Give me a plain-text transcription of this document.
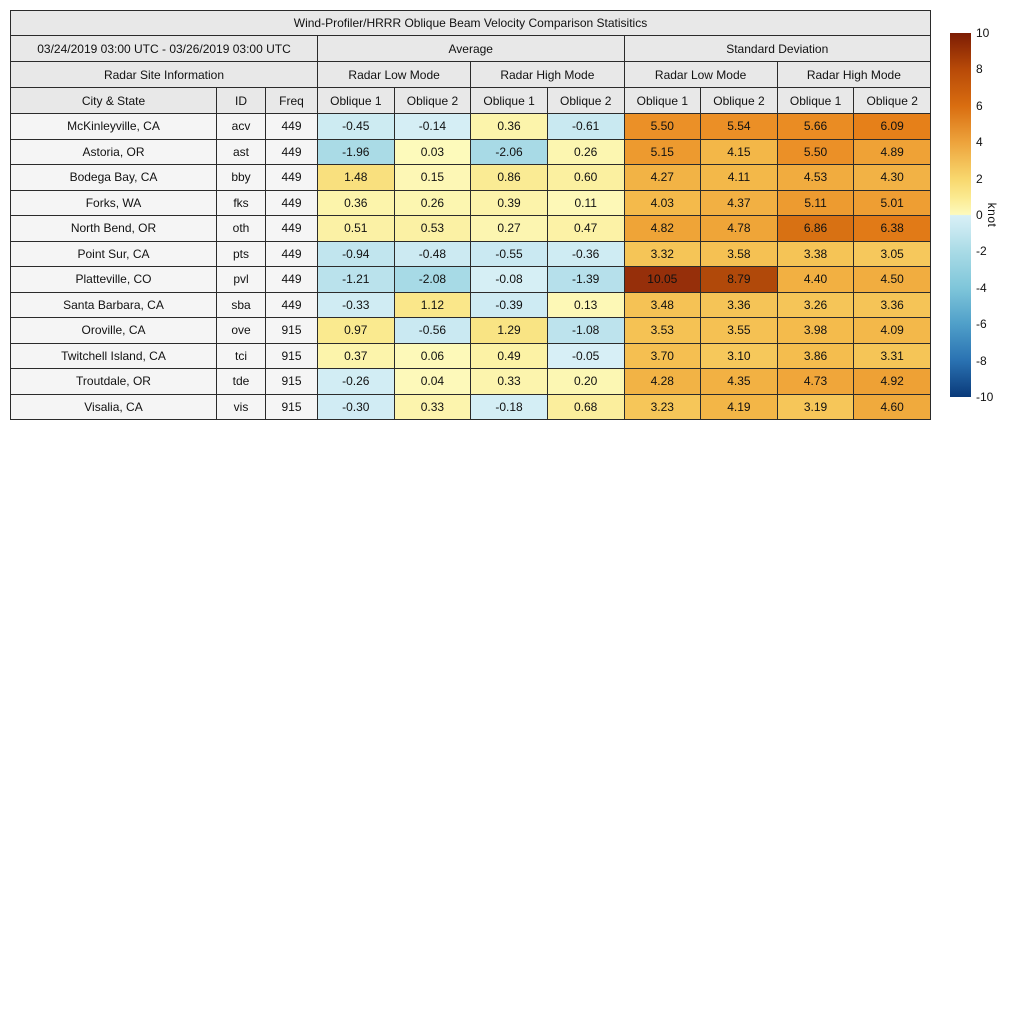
Wind-Profiler/HRRR Oblique Beam Velocity Comparison Statisitics										
03/24/2019 03:00 UTC - 03/26/2019 03:00 UTC			Average				Standard Deviation			
Radar Site Information			Radar Low Mode		Radar High Mode		Radar Low Mode		Radar High Mode	
City & State	ID	Freq	Oblique 1	Oblique 2	Oblique 1	Oblique 2	Oblique 1	Oblique 2	Oblique 1	Oblique 2
McKinleyville, CA	acv	449	-0.45	-0.14	0.36	-0.61	5.50	5.54	5.66	6.09
Astoria, OR	ast	449	-1.96	0.03	-2.06	0.26	5.15	4.15	5.50	4.89
Bodega Bay, CA	bby	449	1.48	0.15	0.86	0.60	4.27	4.11	4.53	4.30
Forks, WA	fks	449	0.36	0.26	0.39	0.11	4.03	4.37	5.11	5.01
North Bend, OR	oth	449	0.51	0.53	0.27	0.47	4.82	4.78	6.86	6.38
Point Sur, CA	pts	449	-0.94	-0.48	-0.55	-0.36	3.32	3.58	3.38	3.05
Platteville, CO	pvl	449	-1.21	-2.08	-0.08	-1.39	10.05	8.79	4.40	4.50
Santa Barbara, CA	sba	449	-0.33	1.12	-0.39	0.13	3.48	3.36	3.26	3.36
Oroville, CA	ove	915	0.97	-0.56	1.29	-1.08	3.53	3.55	3.98	4.09
Twitchell Island, CA	tci	915	0.37	0.06	0.49	-0.05	3.70	3.10	3.86	3.31
Troutdale, OR	tde	915	-0.26	0.04	0.33	0.20	4.28	4.35	4.73	4.92
Visalia, CA	vis	915	-0.30	0.33	-0.18	0.68	3.23	4.19	3.19	4.60
10
8
6
4
2
0
-2
-4
-6
-8
-10
knot
